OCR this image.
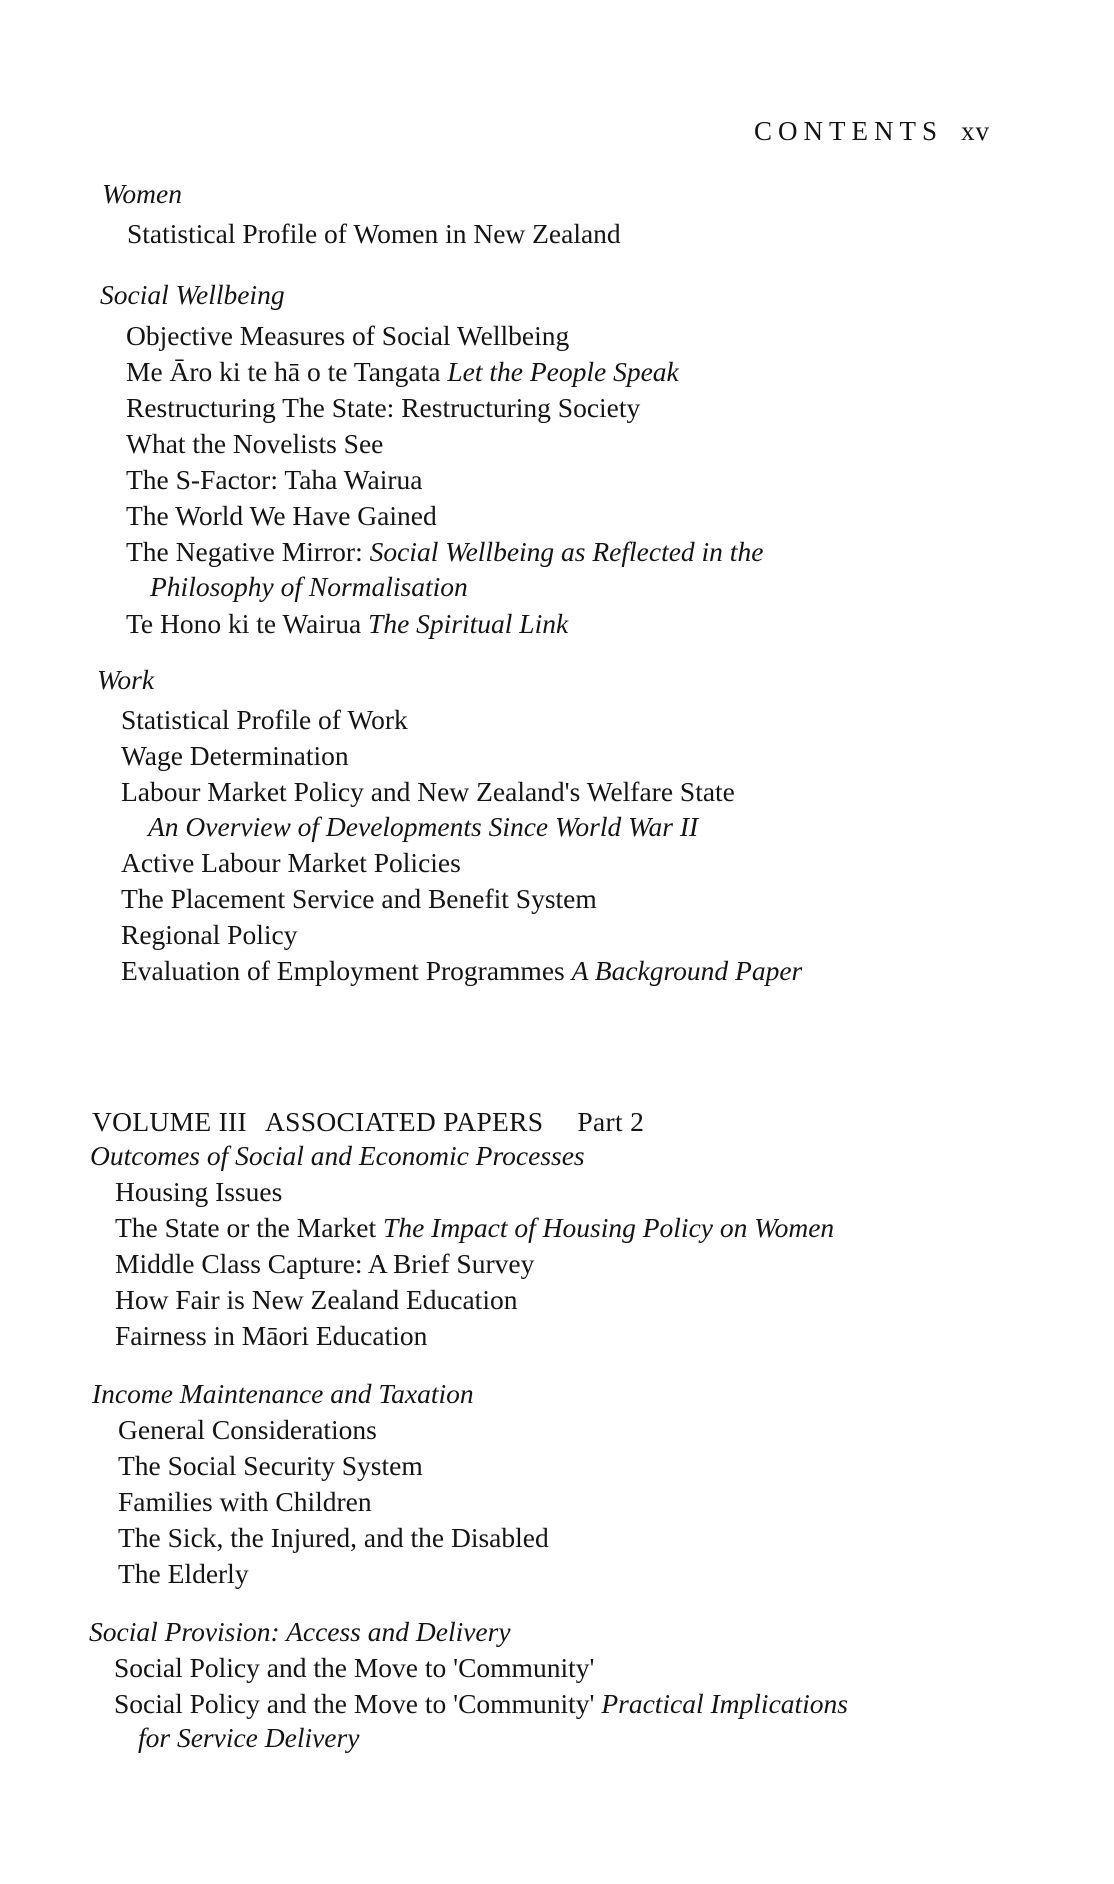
CONTENTS xv
Women
Statistical Profile of Women in New Zealand
Social Wellbeing
Objective Measures of Social Wellbeing
Me Āro ki te hā o te Tangata Let the People Speak
Restructuring The State: Restructuring Society
What the Novelists See
The S-Factor: Taha Wairua
The World We Have Gained
The Negative Mirror: Social Wellbeing as Reflected in the
Philosophy of Normalisation
Te Hono ki te Wairua The Spiritual Link
Work
Statistical Profile of Work
Wage Determination
Labour Market Policy and New Zealand's Welfare State
An Overview of Developments Since World War II
Active Labour Market Policies
The Placement Service and Benefit System
Regional Policy
Evaluation of Employment Programmes A Background Paper
VOLUME III ASSOCIATED PAPERS Part 2
Outcomes of Social and Economic Processes
Housing Issues
The State or the Market The Impact of Housing Policy on Women
Middle Class Capture: A Brief Survey
How Fair is New Zealand Education
Fairness in Māori Education
Income Maintenance and Taxation
General Considerations
The Social Security System
Families with Children
The Sick, the Injured, and the Disabled
The Elderly
Social Provision: Access and Delivery
Social Policy and the Move to 'Community'
Social Policy and the Move to 'Community' Practical Implications
for Service Delivery
